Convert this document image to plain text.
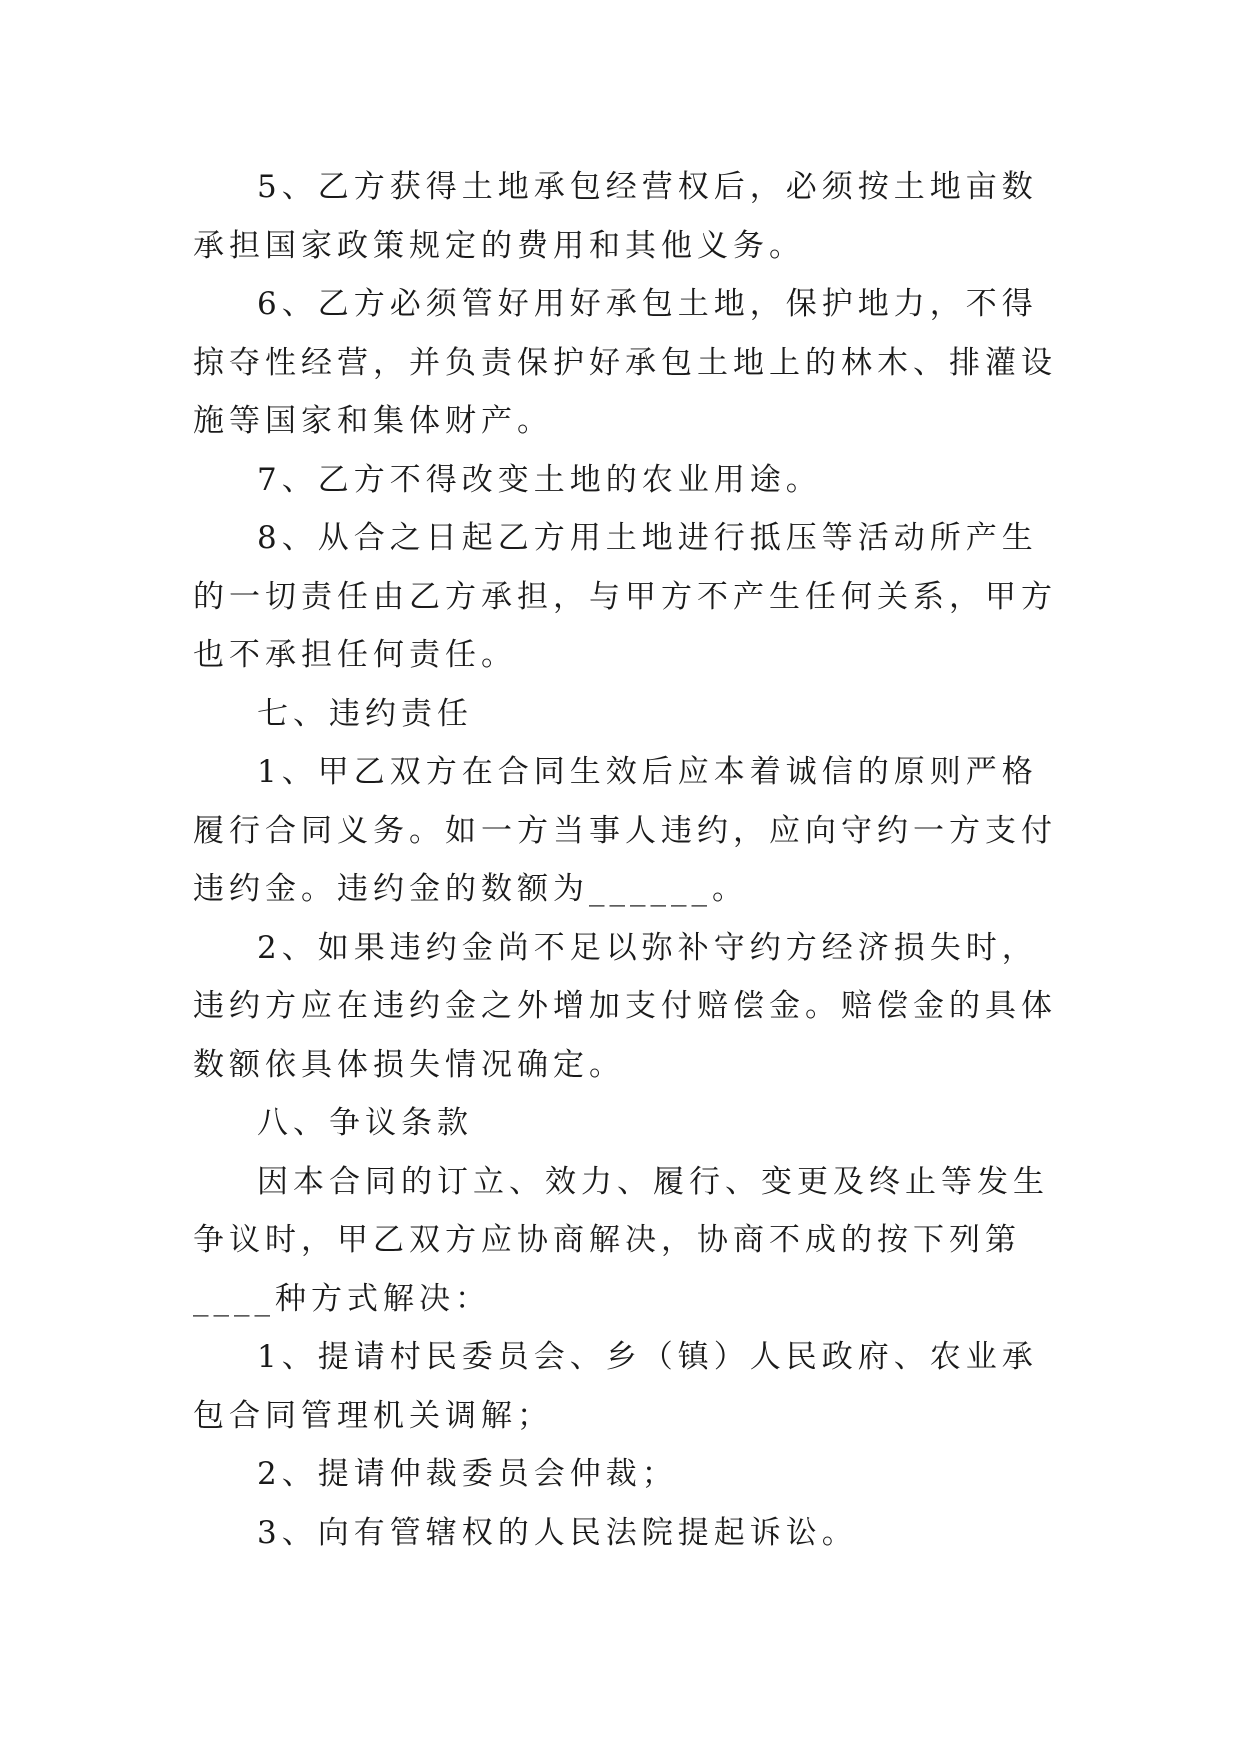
5、乙方获得土地承包经营权后，必须按土地亩数承担国家政策规定的费用和其他义务。

6、乙方必须管好用好承包土地，保护地力，不得掠夺性经营，并负责保护好承包土地上的林木、排灌设施等国家和集体财产。

7、乙方不得改变土地的农业用途。

8、从合之日起乙方用土地进行抵压等活动所产生的一切责任由乙方承担，与甲方不产生任何关系，甲方也不承担任何责任。

七、违约责任

1、甲乙双方在合同生效后应本着诚信的原则严格履行合同义务。如一方当事人违约，应向守约一方支付违约金。违约金的数额为______。

2、如果违约金尚不足以弥补守约方经济损失时，违约方应在违约金之外增加支付赔偿金。赔偿金的具体数额依具体损失情况确定。

八、争议条款

因本合同的订立、效力、履行、变更及终止等发生争议时，甲乙双方应协商解决，协商不成的按下列第____种方式解决：

1、提请村民委员会、乡（镇）人民政府、农业承包合同管理机关调解；

2、提请仲裁委员会仲裁；

3、向有管辖权的人民法院提起诉讼。
